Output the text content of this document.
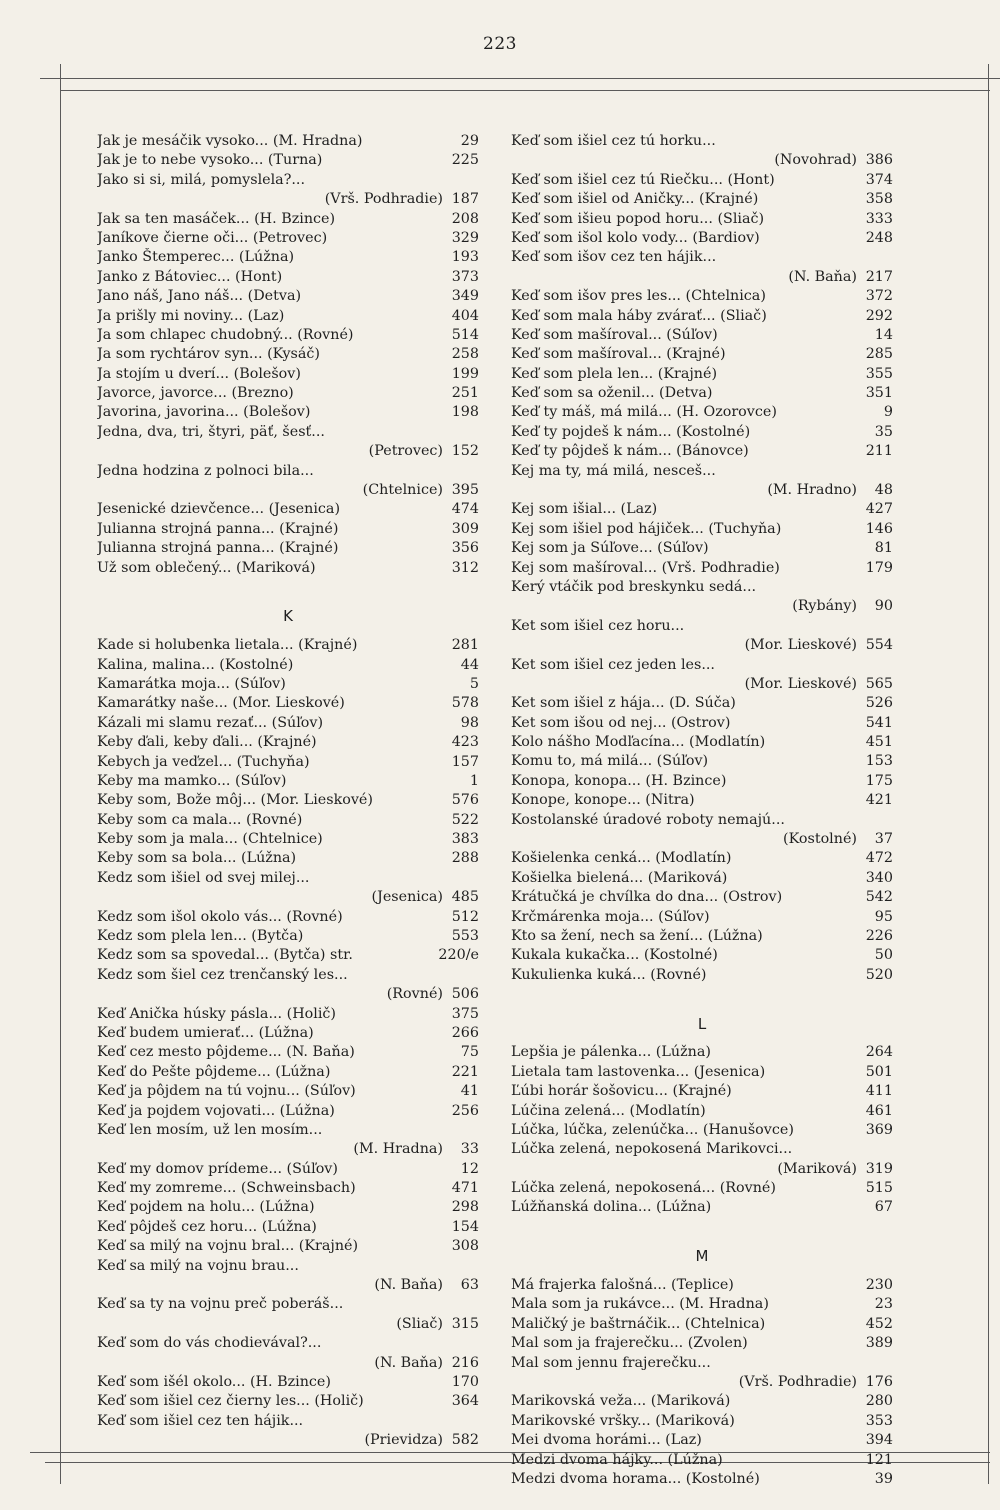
223
Jak je mesáčik vysoko... (M. Hradna)	29
Jak je to nebe vysoko... (Turna)	225
Jako si si, milá, pomyslela?...
(Vrš. Podhradie) 187
Jak sa ten masáček... (H. Bzince)	208
Janíkove čierne oči... (Petrovec)	329
Janko Štemperec... (Lúžna)	193
Janko z Bátoviec... (Hont)	373
Jano náš, Jano náš... (Detva)	349
Ja prišly mi noviny... (Laz)	404
Ja som chlapec chudobný... (Rovné)	514
Ja som rychtárov syn... (Kysáč)	258
Ja stojím u dverí... (Bolešov)	199
Javorce, javorce... (Brezno)	251
Javorina, javorina... (Bolešov)	198
Jedna, dva, tri, štyri, päť, šesť...
(Petrovec) 152
Jedna hodzina z polnoci bila...
(Chtelnice) 395
Jesenické dzievčence... (Jesenica)	474
Julianna strojná panna... (Krajné)	309
Julianna strojná panna... (Krajné)	356
Už som oblečený... (Mariková)	312
K
Kade si holubenka lietala... (Krajné)	281
Kalina, malina... (Kostolné)	44
Kamarátka moja... (Súľov)	5
Kamarátky naše... (Mor. Lieskové)	578
Kázali mi slamu rezať... (Súľov)	98
Keby ďali, keby ďali... (Krajné)	423
Kebych ja veďzel... (Tuchyňa)	157
Keby ma mamko... (Súľov)	1
Keby som, Bože môj... (Mor. Lieskové)	576
Keby som ca mala... (Rovné)	522
Keby som ja mala... (Chtelnice)	383
Keby som sa bola... (Lúžna)	288
Kedz som išiel od svej milej...
(Jesenica) 485
Kedz som išol okolo vás... (Rovné)	512
Kedz som plela len... (Bytča)	553
Kedz som sa spovedal... (Bytča) str.	220/e
Kedz som šiel cez trenčanský les...
(Rovné) 506
Keď Anička húsky pásla... (Holič)	375
Keď budem umierať... (Lúžna)	266
Keď cez mesto pôjdeme... (N. Baňa)	75
Keď do Pešte pôjdeme... (Lúžna)	221
Keď ja pôjdem na tú vojnu... (Súľov)	41
Keď ja pojdem vojovati... (Lúžna)	256
Keď len mosím, už len mosím...
(M. Hradna)	33
Keď my domov prídeme... (Súľov)	12
Keď my zomreme... (Schweinsbach)	471
Keď pojdem na holu... (Lúžna)	298
Keď pôjdeš cez horu... (Lúžna)	154
Keď sa milý na vojnu bral... (Krajné)	308
Keď sa milý na vojnu brau...
(N. Baňa)	63
Keď sa ty na vojnu preč poberáš...
(Sliač) 315
Keď som do vás chodievával?...
(N. Baňa) 216
Keď som išél okolo... (H. Bzince)	170
Keď som išiel cez čierny les... (Holič)	364
Keď som išiel cez ten hájik...
(Prievidza) 582
Keď som išiel cez tú horku...
(Novohrad) 386
Keď som išiel cez tú Riečku... (Hont)	374
Keď som išiel od Aničky... (Krajné)	358
Keď som išieu popod horu... (Sliač)	333
Keď som išol kolo vody... (Bardiov)	248
Keď som išov cez ten hájik...
(N. Baňa) 217
Keď som išov pres les... (Chtelnica)	372
Keď som mala háby zvárať... (Sliač)	292
Keď som mašíroval... (Súľov)	14
Keď som mašíroval... (Krajné)	285
Keď som plela len... (Krajné)	355
Keď som sa oženil... (Detva)	351
Keď ty máš, má milá... (H. Ozorovce)	9
Keď ty pojdeš k nám... (Kostolné)	35
Keď ty pôjdeš k nám... (Bánovce)	211
Kej ma ty, má milá, nesceš...
(M. Hradno)	48
Kej som išial... (Laz)	427
Kej som išiel pod hájiček... (Tuchyňa)	146
Kej som ja Súľove... (Súľov)	81
Kej som mašíroval... (Vrš. Podhradie)	179
Kerý vtáčik pod breskynku sedá...
(Rybány)	90
Ket som išiel cez horu...
(Mor. Lieskové) 554
Ket som išiel cez jeden les...
(Mor. Lieskové) 565
Ket som išiel z hája... (D. Súča)	526
Ket som išou od nej... (Ostrov)	541
Kolo nášho Modľacína... (Modlatín)	451
Komu to, má milá... (Súľov)	153
Konopa, konopa... (H. Bzince)	175
Konope, konope... (Nitra)	421
Kostolanské úradové roboty nemajú...
(Kostolné)	37
Košielenka cenká... (Modlatín)	472
Košielka bielená... (Mariková)	340
Krátučká je chvílka do dna... (Ostrov)	542
Krčmárenka moja... (Súľov)	95
Kto sa žení, nech sa žení... (Lúžna)	226
Kukala kukačka... (Kostolné)	50
Kukulienka kuká... (Rovné)	520
L
Lepšia je pálenka... (Lúžna)	264
Lietala tam lastovenka... (Jesenica)	501
Ľúbi horár šošovicu... (Krajné)	411
Lúčina zelená... (Modlatín)	461
Lúčka, lúčka, zelenúčka... (Hanušovce)	369
Lúčka zelená, nepokosená Marikovci...
(Mariková) 319
Lúčka zelená, nepokosená... (Rovné)	515
Lúžňanská dolina... (Lúžna)	67
M
Má frajerka falošná... (Teplice)	230
Mala som ja rukávce... (M. Hradna)	23
Maličký je baštrnáčik... (Chtelnica)	452
Mal som ja frajerečku... (Zvolen)	389
Mal som jennu frajerečku...
(Vrš. Podhradie) 176
Marikovská veža... (Mariková)	280
Marikovské vršky... (Mariková)	353
Mei dvoma horámi... (Laz)	394
Medzi dvoma hájky... (Lúžna)	121
Medzi dvoma horama... (Kostolné)	39
